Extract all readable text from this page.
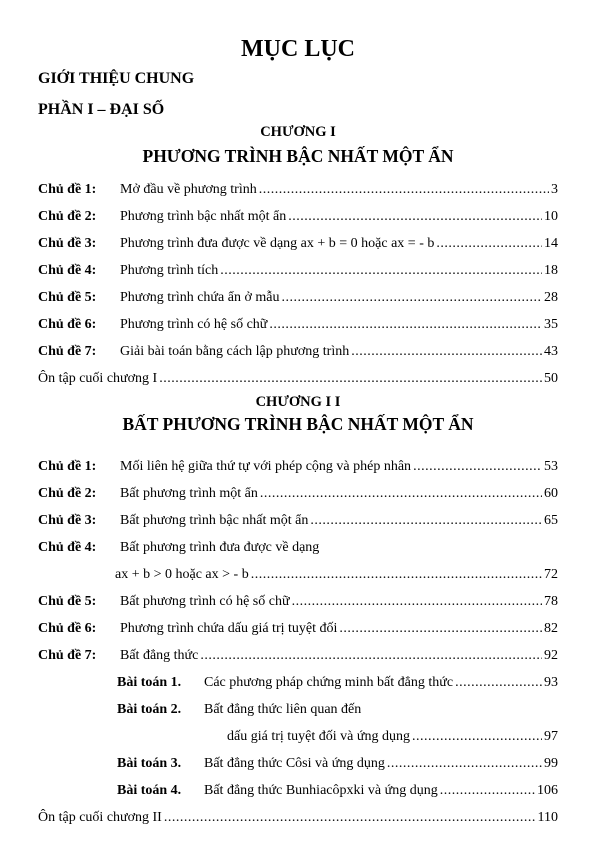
MỤC LỤC
GIỚI THIỆU CHUNG
PHẦN I – ĐẠI SỐ
CHƯƠNG I
PHƯƠNG TRÌNH BẬC NHẤT MỘT ẨN
Chủ đề 1: Mở đầu về phương trình .....	3
Chủ đề 2: Phương trình bậc nhất một ẩn .....	10
Chủ đề 3: Phương trình đưa được về dạng ax + b = 0 hoặc ax = - b .....	14
Chủ đề 4: Phương trình tích .....	18
Chủ đề 5: Phương trình chứa ẩn ở mẫu .....	28
Chủ đề 6: Phương trình có hệ số chữ .....	35
Chủ đề 7: Giải bài toán bằng cách lập phương trình .....	43
Ôn tập cuối chương I .....	50
CHƯƠNG I I
BẤT PHƯƠNG TRÌNH BẬC NHẤT MỘT ẨN
Chủ đề 1: Mối liên hệ giữa thứ tự với phép cộng và phép nhân .....	53
Chủ đề 2: Bất phương trình một ẩn .....	60
Chủ đề 3: Bất phương trình bậc nhất một ẩn .....	65
Chủ đề 4: Bất phương trình đưa được về dạng
ax + b > 0 hoặc ax > - b .....	72
Chủ đề 5: Bất phương trình có hệ số chữ .....	78
Chủ đề 6: Phương trình chứa dấu giá trị tuyệt đối .....	82
Chủ đề 7: Bất đẳng thức .....	92
Bài toán 1. Các phương pháp chứng minh bất đẳng thức .....	93
Bài toán 2. Bất đẳng thức liên quan đến
dấu giá trị tuyệt đối và ứng dụng .....	97
Bài toán 3. Bất đẳng thức Côsi và ứng dụng .....	99
Bài toán 4. Bất đẳng thức Bunhiacôpxki và ứng dụng .....	106
Ôn tập cuối chương II .....	110
